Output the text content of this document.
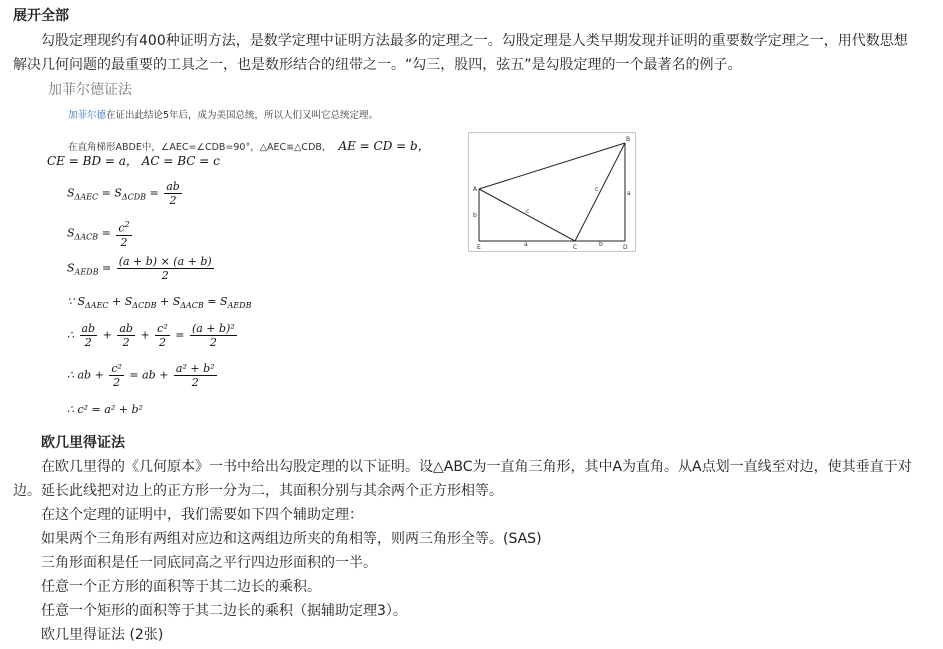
展开全部
勾股定理现约有400种证明方法，是数学定理中证明方法最多的定理之一。勾股定理是人类早期发现并证明的重要数学定理之一，用代数思想
解决几何问题的最重要的工具之一，也是数形结合的纽带之一。“勾三，股四，弦五”是勾股定理的一个最著名的例子。
加菲尔德证法
加菲尔德在证出此结论5年后，成为美国总统，所以人们又叫它总统定理。
在直角梯形ABDE中，∠AEC=∠CDB=90°，△AEC≌△CDB， AE = CD = b，
CE = BD = a， AC = BC = c
$S_{\Delta AEC} = S_{\Delta CDB} = \frac{ab}{2}$
$S_{\Delta ACB} = \frac{c^2}{2}$
$S_{AEDB} = \frac{(a + b) \times (a + b)}{2}$
∵ $S_{\Delta AEC} + S_{\Delta CDB} + S_{\Delta ACB} = S_{AEDB}$
∴ $\frac{ab}{2} + \frac{ab}{2} + \frac{\text{c²}}{2} = \frac{\text{(a + b)²}}{2}$
∴ ab + $\frac{\text{c²}}{2}$ = ab + $\frac{\text{a² + b²}}{2}$
∴ c² = a² + b²
A
B
C	D
E
b
a
a	b
c
c
欧几里得证法
在欧几里得的《几何原本》一书中给出勾股定理的以下证明。设△ABC为一直角三角形，其中A为直角。从A点划一直线至对边，使其垂直于对
边。延长此线把对边上的正方形一分为二，其面积分别与其余两个正方形相等。
在这个定理的证明中，我们需要如下四个辅助定理：
如果两个三角形有两组对应边和这两组边所夹的角相等，则两三角形全等。(SAS)
三角形面积是任一同底同高之平行四边形面积的一半。
任意一个正方形的面积等于其二边长的乘积。
任意一个矩形的面积等于其二边长的乘积（据辅助定理3）。
欧几里得证法 (2张)
